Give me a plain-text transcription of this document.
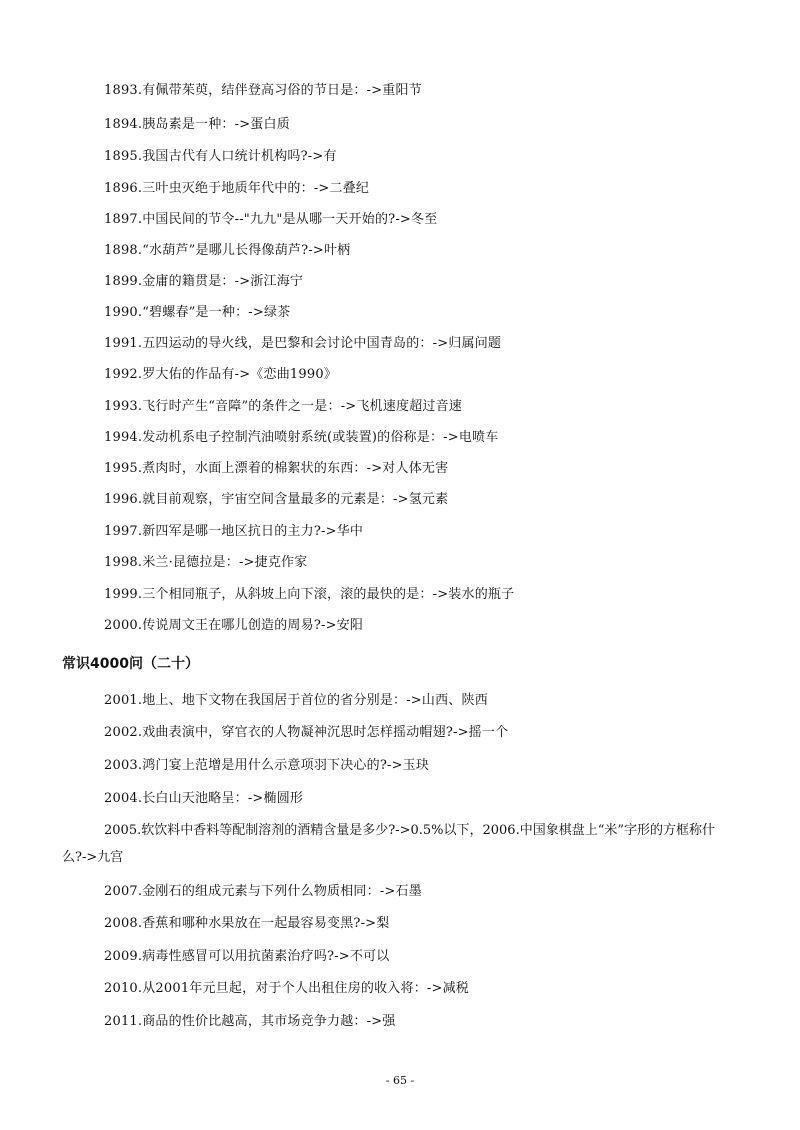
1893.有佩带茱萸，结伴登高习俗的节日是：->重阳节
1894.胰岛素是一种：->蛋白质
1895.我国古代有人口统计机构吗?->有
1896.三叶虫灭绝于地质年代中的：->二叠纪
1897.中国民间的节令--"九九"是从哪一天开始的?->冬至
1898.“水葫芦”是哪儿长得像葫芦?->叶柄
1899.金庸的籍贯是：->浙江海宁
1990.“碧螺春”是一种：->绿茶
1991.五四运动的导火线，是巴黎和会讨论中国青岛的：->归属问题
1992.罗大佑的作品有->《恋曲1990》
1993.飞行时产生“音障”的条件之一是：->飞机速度超过音速
1994.发动机系电子控制汽油喷射系统(或装置)的俗称是：->电喷车
1995.煮肉时，水面上漂着的棉絮状的东西：->对人体无害
1996.就目前观察，宇宙空间含量最多的元素是：->氢元素
1997.新四军是哪一地区抗日的主力?->华中
1998.米兰·昆德拉是：->捷克作家
1999.三个相同瓶子，从斜坡上向下滚，滚的最快的是：->装水的瓶子
2000.传说周文王在哪儿创造的周易?->安阳
常识4000问（二十）
2001.地上、地下文物在我国居于首位的省分别是：->山西、陕西
2002.戏曲表演中，穿官衣的人物凝神沉思时怎样摇动帽翅?->摇一个
2003.鸿门宴上范增是用什么示意项羽下决心的?->玉玦
2004.长白山天池略呈：->椭圆形
2005.软饮料中香料等配制溶剂的酒精含量是多少?->0.5%以下，2006.中国象棋盘上“米”字形的方框称什
么?->九宫
2007.金刚石的组成元素与下列什么物质相同：->石墨
2008.香蕉和哪种水果放在一起最容易变黑?->梨
2009.病毒性感冒可以用抗菌素治疗吗?->不可以
2010.从2001年元旦起，对于个人出租住房的收入将：->减税
2011.商品的性价比越高，其市场竞争力越：->强
- 65 -
